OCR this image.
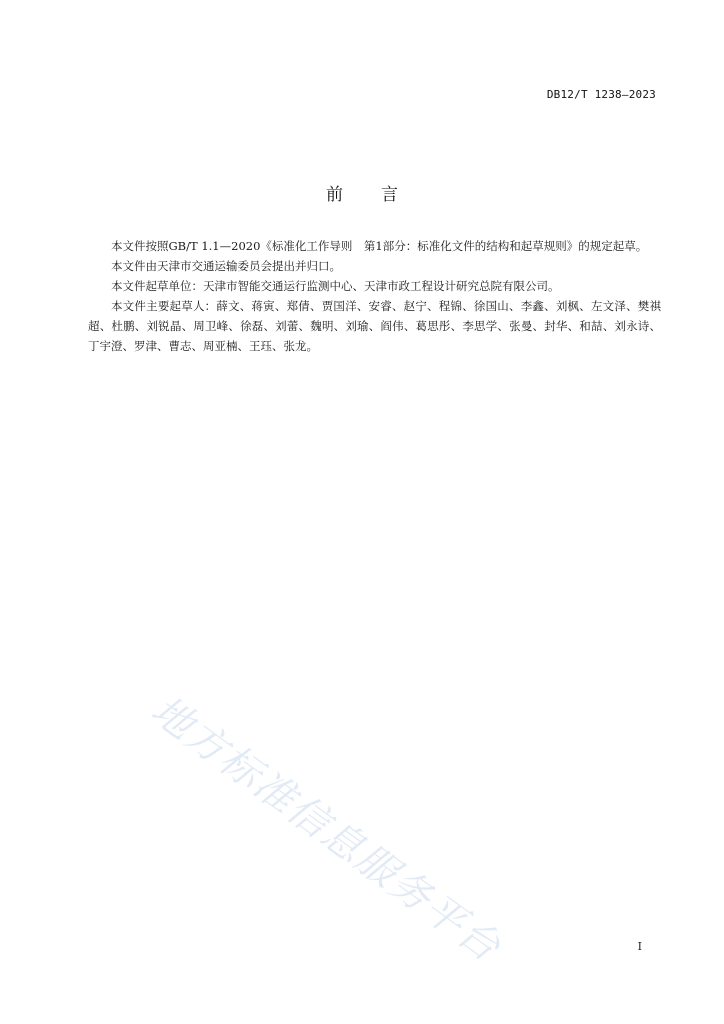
DB12/T 1238—2023
前言

本文件按照GB/T 1.1—2020《标准化工作导则　第1部分：标准化文件的结构和起草规则》的规定起草。

本文件由天津市交通运输委员会提出并归口。

本文件起草单位：天津市智能交通运行监测中心、天津市政工程设计研究总院有限公司。

本文件主要起草人：薛文、蒋寅、郑倩、贾国洋、安睿、赵宁、程锦、徐国山、李鑫、刘枫、左文泽、樊祺超、杜鹏、刘锐晶、周卫峰、徐磊、刘蕾、魏明、刘瑜、阎伟、葛思彤、李思学、张曼、封华、和喆、刘永诗、丁宇澄、罗津、曹志、周亚楠、王珏、张龙。

地方标准信息服务平台	I
